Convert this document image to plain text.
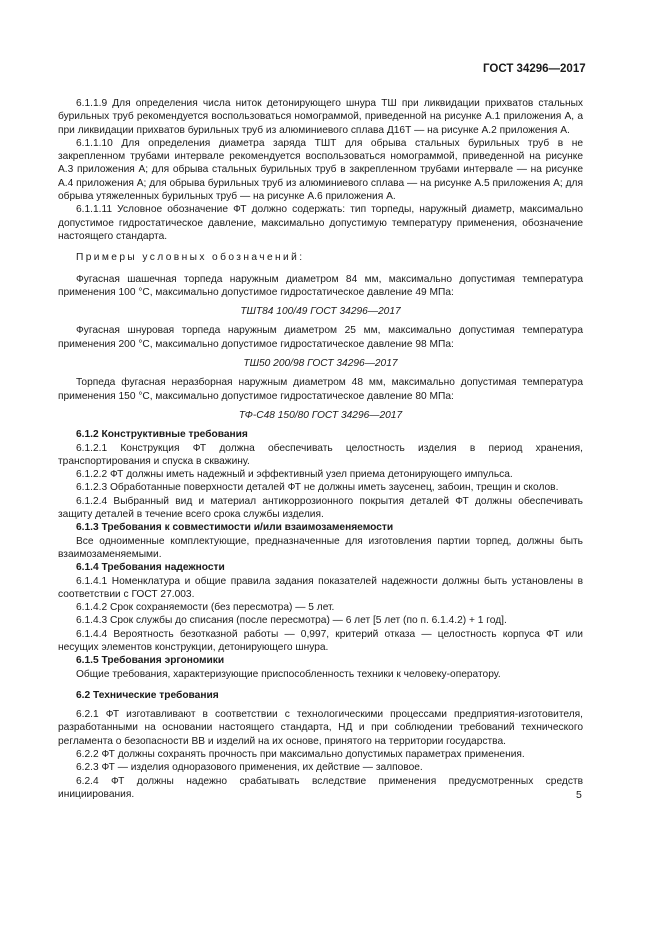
ГОСТ 34296—2017

6.1.1.9 Для определения числа ниток детонирующего шнура ТШ при ликвидации прихватов стальных бурильных труб рекомендуется воспользоваться номограммой, приведенной на рисунке А.1 приложения А, а при ликвидации прихватов бурильных труб из алюминиевого сплава Д16Т — на рисунке А.2 приложения А.

6.1.1.10 Для определения диаметра заряда ТШТ для обрыва стальных бурильных труб в не закрепленном трубами интервале рекомендуется воспользоваться номограммой, приведенной на рисунке А.3 приложения А; для обрыва стальных бурильных труб в закрепленном трубами интервале — на рисунке А.4 приложения А; для обрыва бурильных труб из алюминиевого сплава — на рисунке А.5 приложения А; для обрыва утяжеленных бурильных труб — на рисунке А.6 приложения А.

6.1.1.11 Условное обозначение ФТ должно содержать: тип торпеды, наружный диаметр, максимально допустимое гидростатическое давление, максимально допустимую температуру применения, обозначение настоящего стандарта.

Примеры условных обозначений:

Фугасная шашечная торпеда наружным диаметром 84 мм, максимально допустимая температура применения 100 °С, максимально допустимое гидростатическое давление 49 МПа:

ТШТ84 100/49 ГОСТ 34296—2017

Фугасная шнуровая торпеда наружным диаметром 25 мм, максимально допустимая температура применения 200 °С, максимально допустимое гидростатическое давление 98 МПа:

ТШ50 200/98 ГОСТ 34296—2017

Торпеда фугасная неразборная наружным диаметром 48 мм, максимально допустимая температура применения 150 °С, максимально допустимое гидростатическое давление 80 МПа:

ТФ-С48 150/80 ГОСТ 34296—2017

6.1.2 Конструктивные требования

6.1.2.1 Конструкция ФТ должна обеспечивать целостность изделия в период хранения, транспортирования и спуска в скважину.

6.1.2.2 ФТ должны иметь надежный и эффективный узел приема детонирующего импульса.

6.1.2.3 Обработанные поверхности деталей ФТ не должны иметь заусенец, забоин, трещин и сколов.

6.1.2.4 Выбранный вид и материал антикоррозионного покрытия деталей ФТ должны обеспечивать защиту деталей в течение всего срока службы изделия.

6.1.3 Требования к совместимости и/или взаимозаменяемости

Все одноименные комплектующие, предназначенные для изготовления партии торпед, должны быть взаимозаменяемыми.

6.1.4 Требования надежности

6.1.4.1 Номенклатура и общие правила задания показателей надежности должны быть установлены в соответствии с ГОСТ 27.003.

6.1.4.2 Срок сохраняемости (без пересмотра) — 5 лет.

6.1.4.3 Срок службы до списания (после пересмотра) — 6 лет [5 лет (по п. 6.1.4.2) + 1 год].

6.1.4.4 Вероятность безотказной работы — 0,997, критерий отказа — целостность корпуса ФТ или несущих элементов конструкции, детонирующего шнура.

6.1.5 Требования эргономики

Общие требования, характеризующие приспособленность техники к человеку-оператору.

6.2 Технические требования

6.2.1 ФТ изготавливают в соответствии с технологическими процессами предприятия-изготовителя, разработанными на основании настоящего стандарта, НД и при соблюдении требований технического регламента о безопасности ВВ и изделий на их основе, принятого на территории государства.

6.2.2 ФТ должны сохранять прочность при максимально допустимых параметрах применения.

6.2.3 ФТ — изделия одноразового применения, их действие — залповое.

6.2.4 ФТ должны надежно срабатывать вследствие применения предусмотренных средств инициирования.	5
